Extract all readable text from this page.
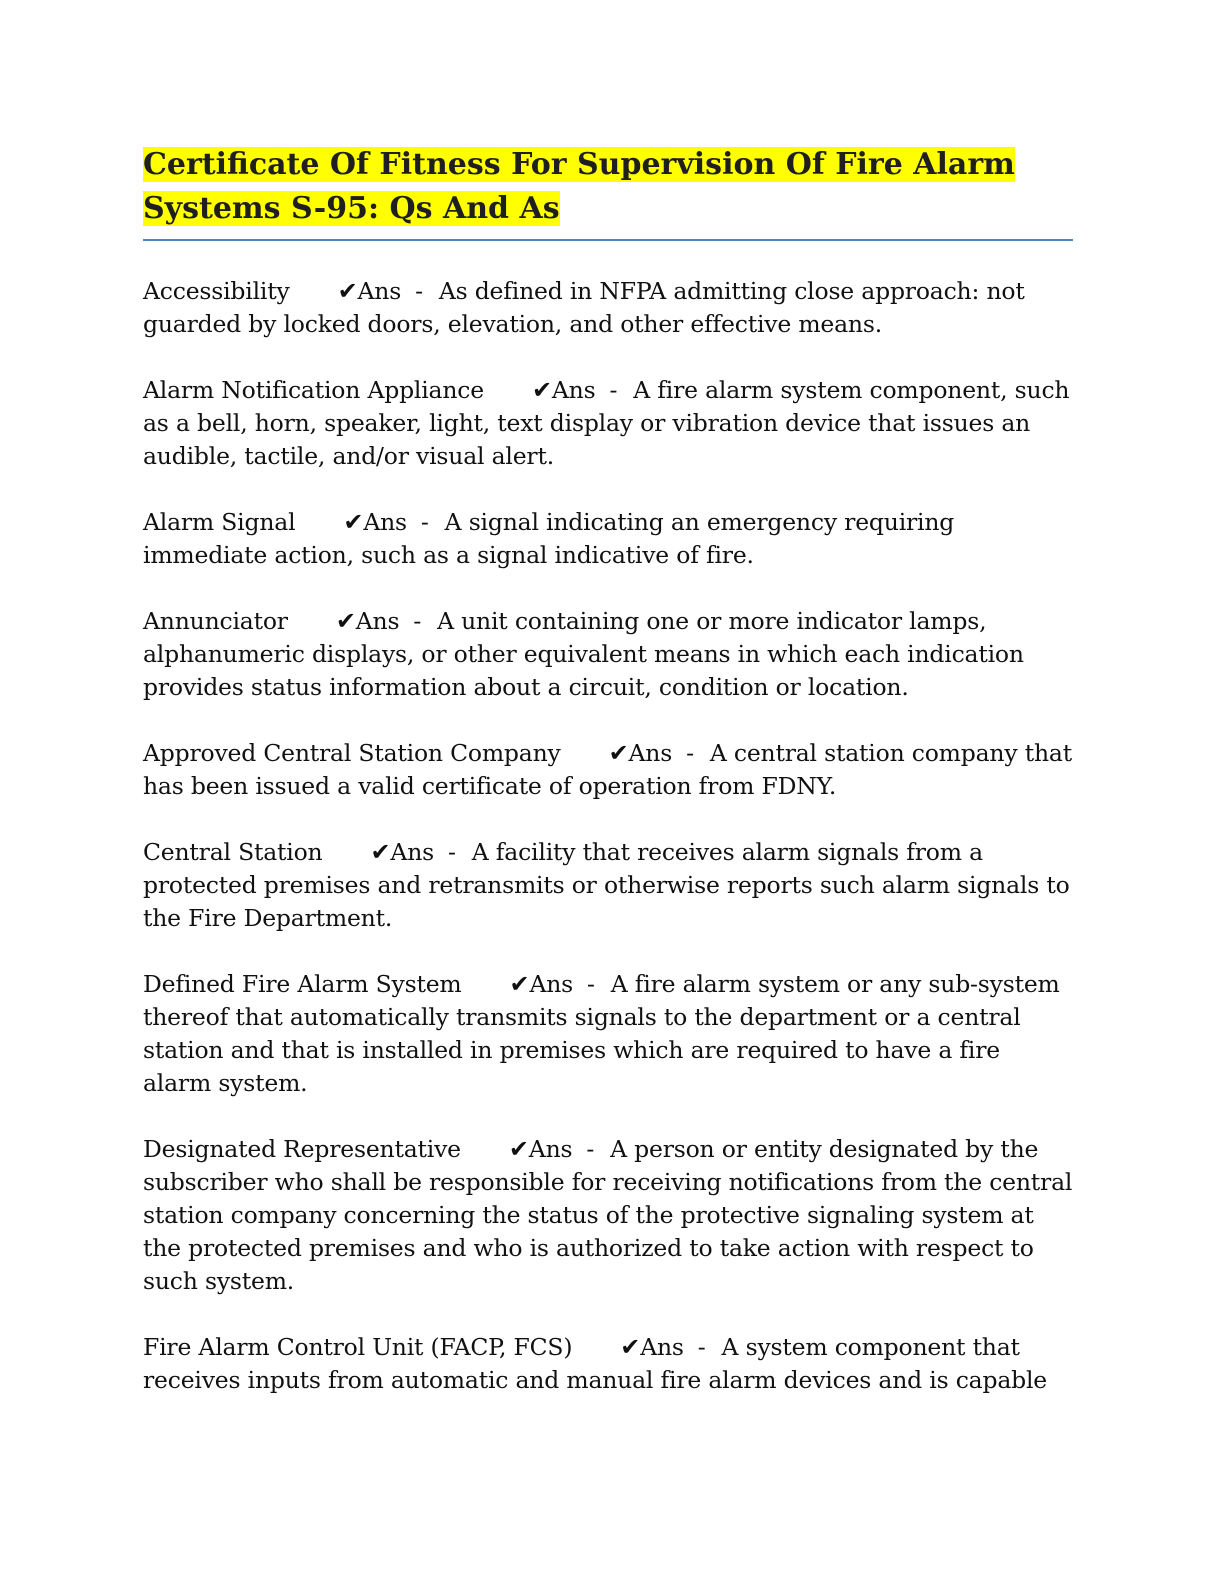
Certificate Of Fitness For Supervision Of Fire Alarm Systems S-95: Qs And As

Accessibility ✔Ans - As defined in NFPA admitting close approach: not guarded by locked doors, elevation, and other effective means.

Alarm Notification Appliance ✔Ans - A fire alarm system component, such as a bell, horn, speaker, light, text display or vibration device that issues an audible, tactile, and/or visual alert.

Alarm Signal ✔Ans - A signal indicating an emergency requiring immediate action, such as a signal indicative of fire.

Annunciator ✔Ans - A unit containing one or more indicator lamps, alphanumeric displays, or other equivalent means in which each indication provides status information about a circuit, condition or location.

Approved Central Station Company ✔Ans - A central station company that has been issued a valid certificate of operation from FDNY.

Central Station ✔Ans - A facility that receives alarm signals from a protected premises and retransmits or otherwise reports such alarm signals to the Fire Department.

Defined Fire Alarm System ✔Ans - A fire alarm system or any sub-system thereof that automatically transmits signals to the department or a central station and that is installed in premises which are required to have a fire alarm system.

Designated Representative ✔Ans - A person or entity designated by the subscriber who shall be responsible for receiving notifications from the central station company concerning the status of the protective signaling system at the protected premises and who is authorized to take action with respect to such system.

Fire Alarm Control Unit (FACP, FCS) ✔Ans - A system component that receives inputs from automatic and manual fire alarm devices and is capable
